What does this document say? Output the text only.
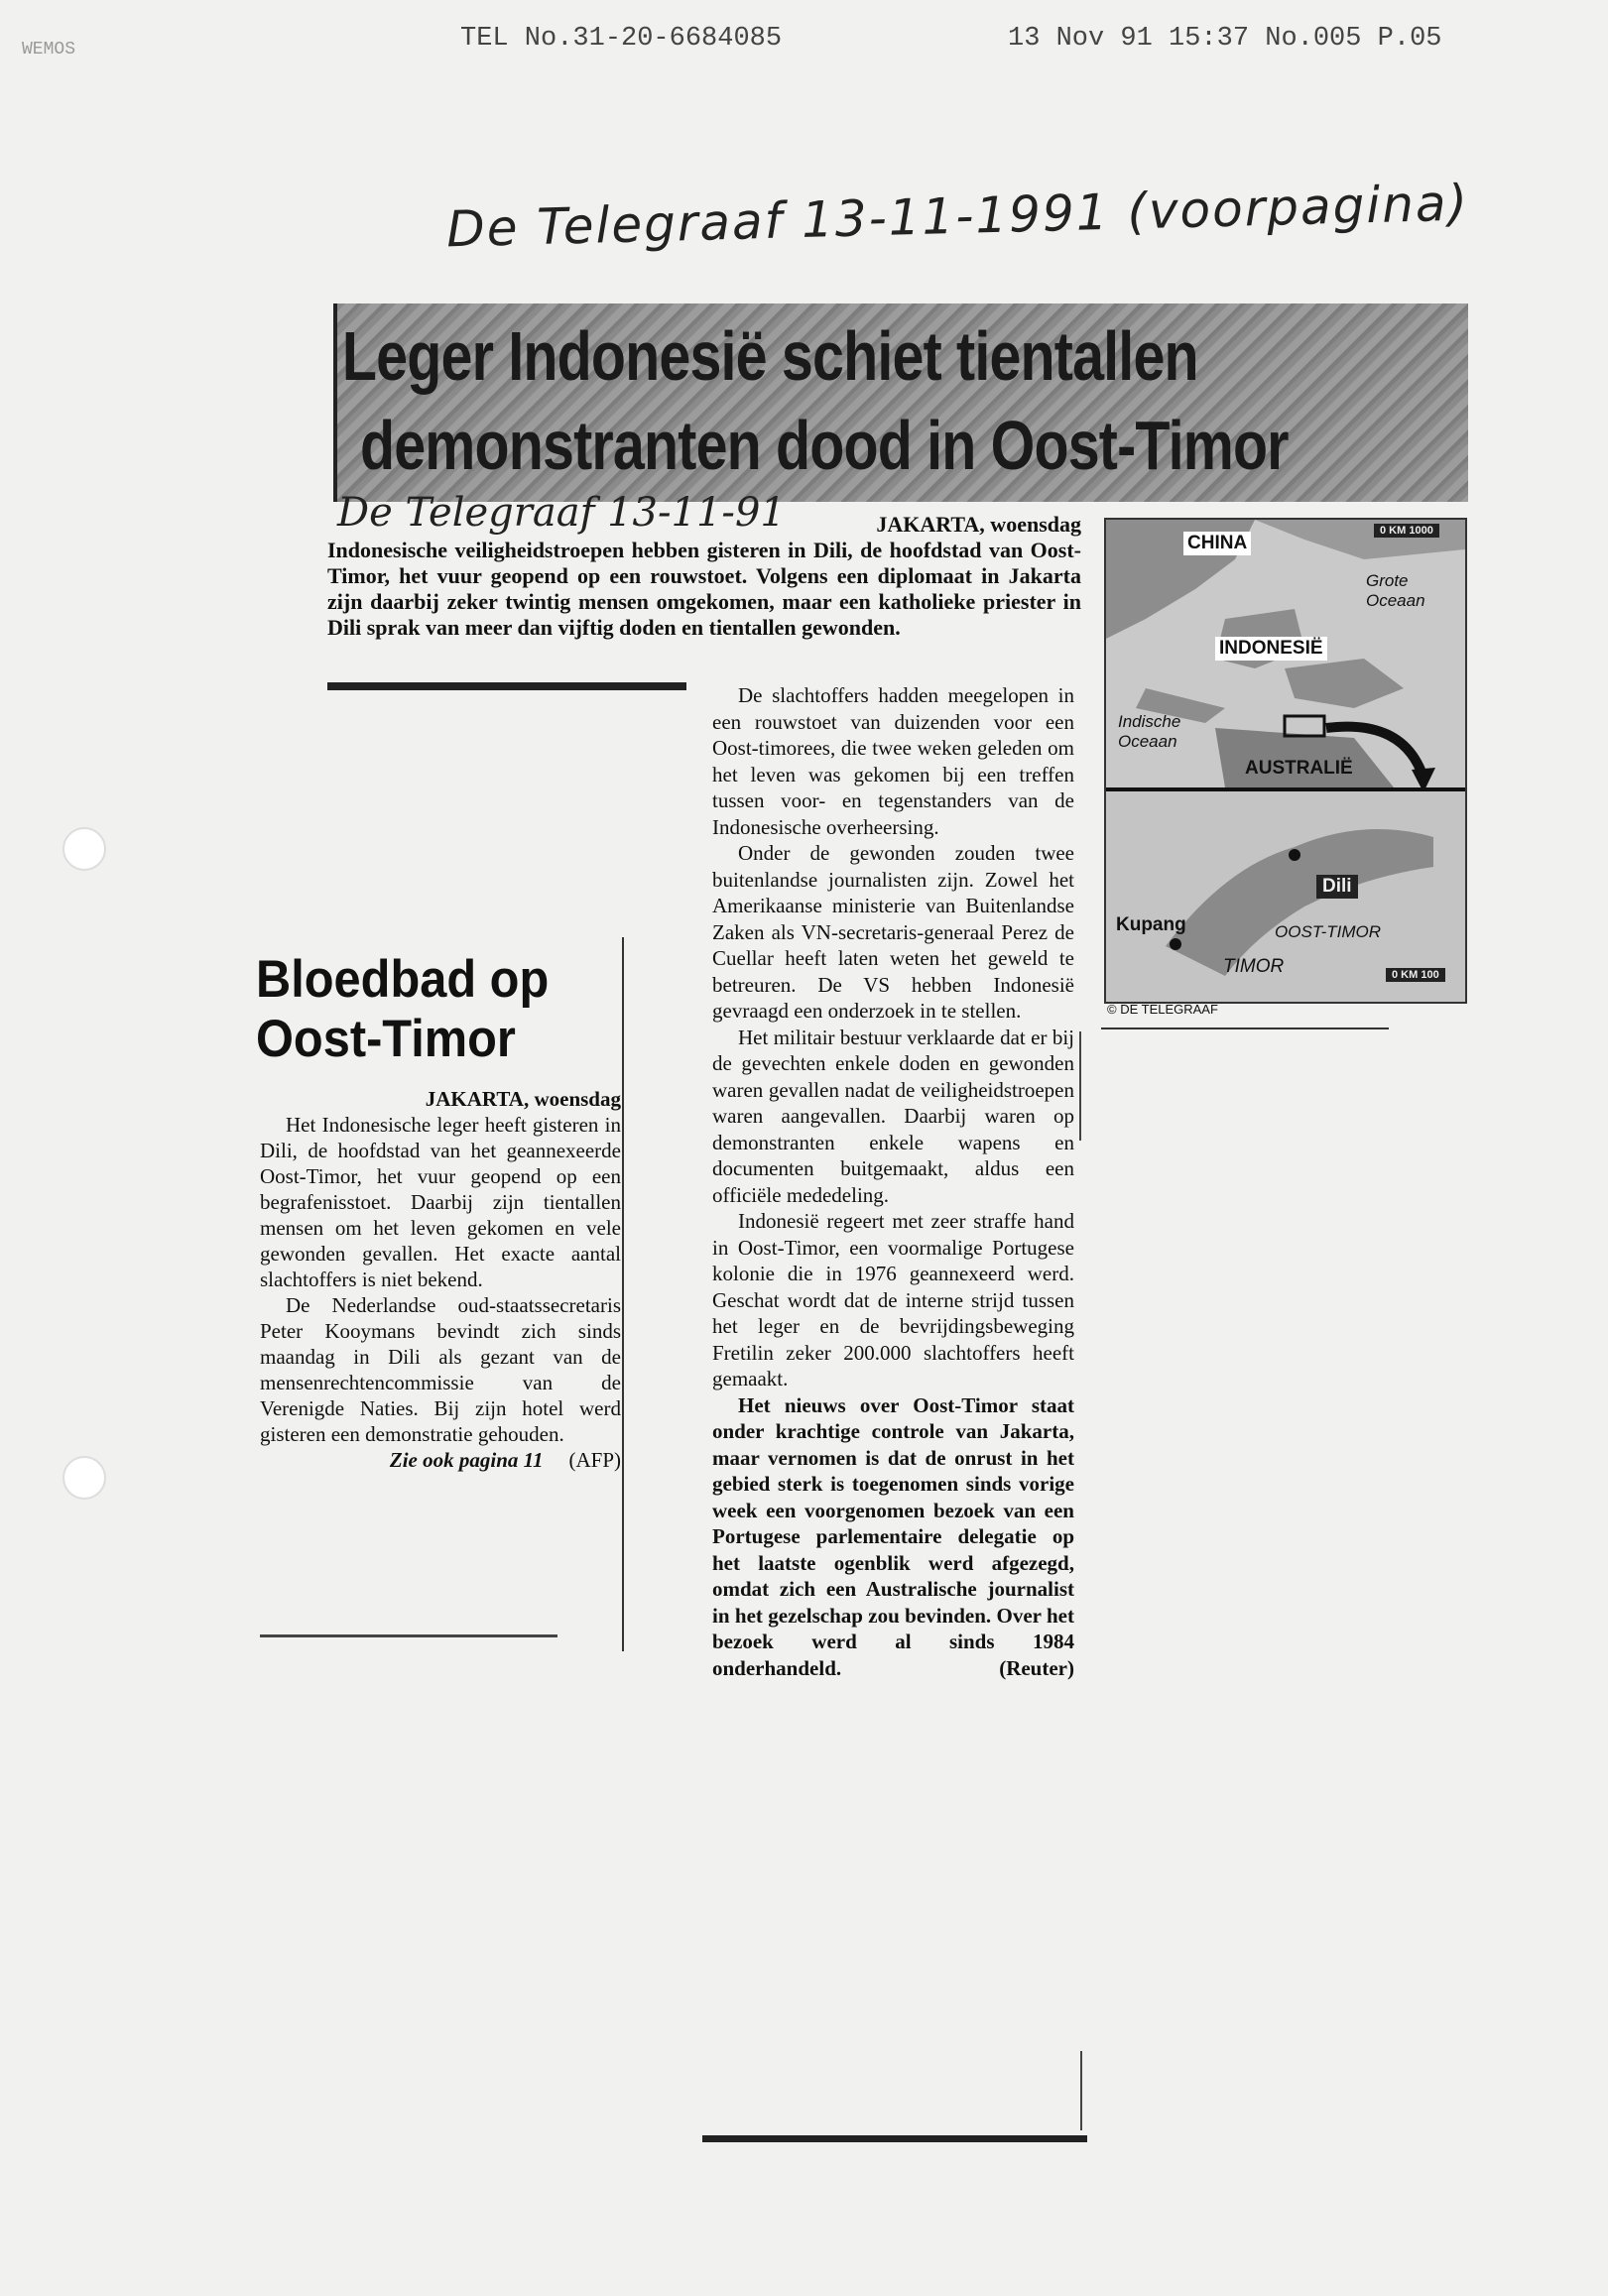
WEMOS	TEL No.31-20-6684085	13 Nov 91 15:37 No.005 P.05
De Telegraaf 13-11-1991 (voorpagina)
Leger Indonesië schiet tientallen
demonstranten dood in Oost-Timor
De Telegraaf 13-11-91	JAKARTA, woensdag
Indonesische veiligheidstroepen hebben gisteren in Dili, de hoofdstad van Oost-Timor, het vuur geopend op een rouwstoet. Volgens een diplomaat in Jakarta zijn daarbij zeker twintig mensen omgekomen, maar een katholieke priester in Dili sprak van meer dan vijftig doden en tientallen gewonden.

De slachtoffers hadden meegelopen in een rouwstoet van duizenden voor een Oost-timorees, die twee weken geleden om het leven was gekomen bij een treffen tussen voor- en tegenstanders van de Indonesische overheersing.

Onder de gewonden zouden twee buitenlandse journalisten zijn. Zowel het Amerikaanse ministerie van Buitenlandse Zaken als VN-secretaris-generaal Perez de Cuellar heeft laten weten het geweld te betreuren. De VS hebben Indonesië gevraagd een onderzoek in te stellen.

Het militair bestuur verklaarde dat er bij de gevechten enkele doden en gewonden waren gevallen nadat de veiligheidstroepen waren aangevallen. Daarbij waren op demonstranten enkele wapens en documenten buitgemaakt, aldus een officiële mededeling.

Indonesië regeert met zeer straffe hand in Oost-Timor, een voormalige Portugese kolonie die in 1976 geannexeerd werd. Geschat wordt dat de interne strijd tussen het leger en de bevrijdingsbeweging Fretilin zeker 200.000 slachtoffers heeft gemaakt.

Het nieuws over Oost-Timor staat onder krachtige controle van Jakarta, maar vernomen is dat de onrust in het gebied sterk is toegenomen sinds vorige week een voorgenomen bezoek van een Portugese parlementaire delegatie op het laatste ogenblik werd afgezegd, omdat zich een Australische journalist in het gezelschap zou bevinden. Over het bezoek werd al sinds 1984 onderhandeld.	(Reuter)

CHINA
0 KM 1000
Grote Oceaan
INDONESIË
Indische Oceaan
AUSTRALIË
Dili
Kupang	OOST-TIMOR
TIMOR	0 KM 100
© DE TELEGRAAF
Bloedbad op
Oost-Timor
JAKARTA, woensdag

Het Indonesische leger heeft gisteren in Dili, de hoofdstad van het geannexeerde Oost-Timor, het vuur geopend op een begrafenisstoet. Daarbij zijn tientallen mensen om het leven gekomen en vele gewonden gevallen. Het exacte aantal slachtoffers is niet bekend.

De Nederlandse oud-staatssecretaris Peter Kooymans bevindt zich sinds maandag in Dili als gezant van de mensenrechtencommissie van de Verenigde Naties. Bij zijn hotel werd gisteren een demonstratie gehouden.
(AFP)

Zie ook pagina 11
